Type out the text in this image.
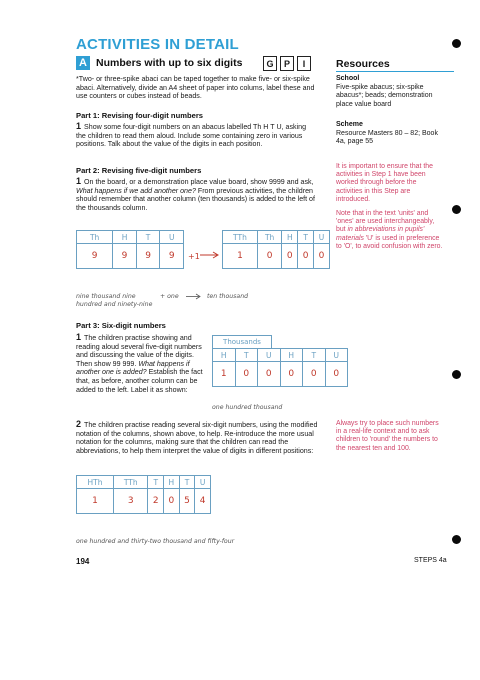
ACTIVITIES IN DETAIL
A Numbers with up to six digits	G	P	I
*Two- or three-spike abaci can be taped together to make five- or six-spike abaci. Alternatively, divide an A4 sheet of paper into colums, label these and use counters or cubes instead of beads.
Part 1: Revising four-digit numbers
1 Show some four-digit numbers on an abacus labelled Th H T U, asking the children to read them aloud. Include some containing zero in various positions. Talk about the value of the digits in each position.
Part 2: Revising five-digit numbers
1 On the board, or a demonstration place value board, show 9999 and ask, What happens if we add another one? From previous activities, the children should remember that another column (ten thousands) is added to the left of the thousands column.
Th	H	T	U
9	9	9	9 +1
TTh	Th	H	T	U
1	0	0	0	0
nine thousand nine hundred and ninety-nine
+ one	ten thousand
Part 3: Six-digit numbers
1 The children practise showing and reading aloud several five-digit numbers and discussing the value of the digits. Then show 99 999. What happens if another one is added? Establish the fact that, as before, another column can be added to the left. Label it as shown:
Thousands
H	T	U	H	T	U
1	0	0	0	0	0
one hundred thousand
2 The children practise reading several six-digit numbers, using the modified notation of the columns, shown above, to help. Re-introduce the more usual notation for the columns, making sure that the children can read the abbreviations, to help them interpret the value of digits in different positions:
HTh	TTh	T	H	T	U
1	3	2	0	5	4
one hundred and thirty-two thousand and fifty-four
Resources
School
Five-spike abacus; six-spike abacus*; beads; demonstration place value board
Scheme
Resource Masters 80 – 82; Book 4a, page 55
It is important to ensure that the activities in Step 1 have been worked through before the activities in this Step are introduced.
Note that in the text 'units' and 'ones' are used interchangeably, but in abbreviations in pupils' materials 'U' is used in preference to 'O', to avoid confusion with zero.
Always try to place such numbers in a real-life context and to ask children to 'round' the numbers to the nearest ten and 100.
194	STEPS 4a
